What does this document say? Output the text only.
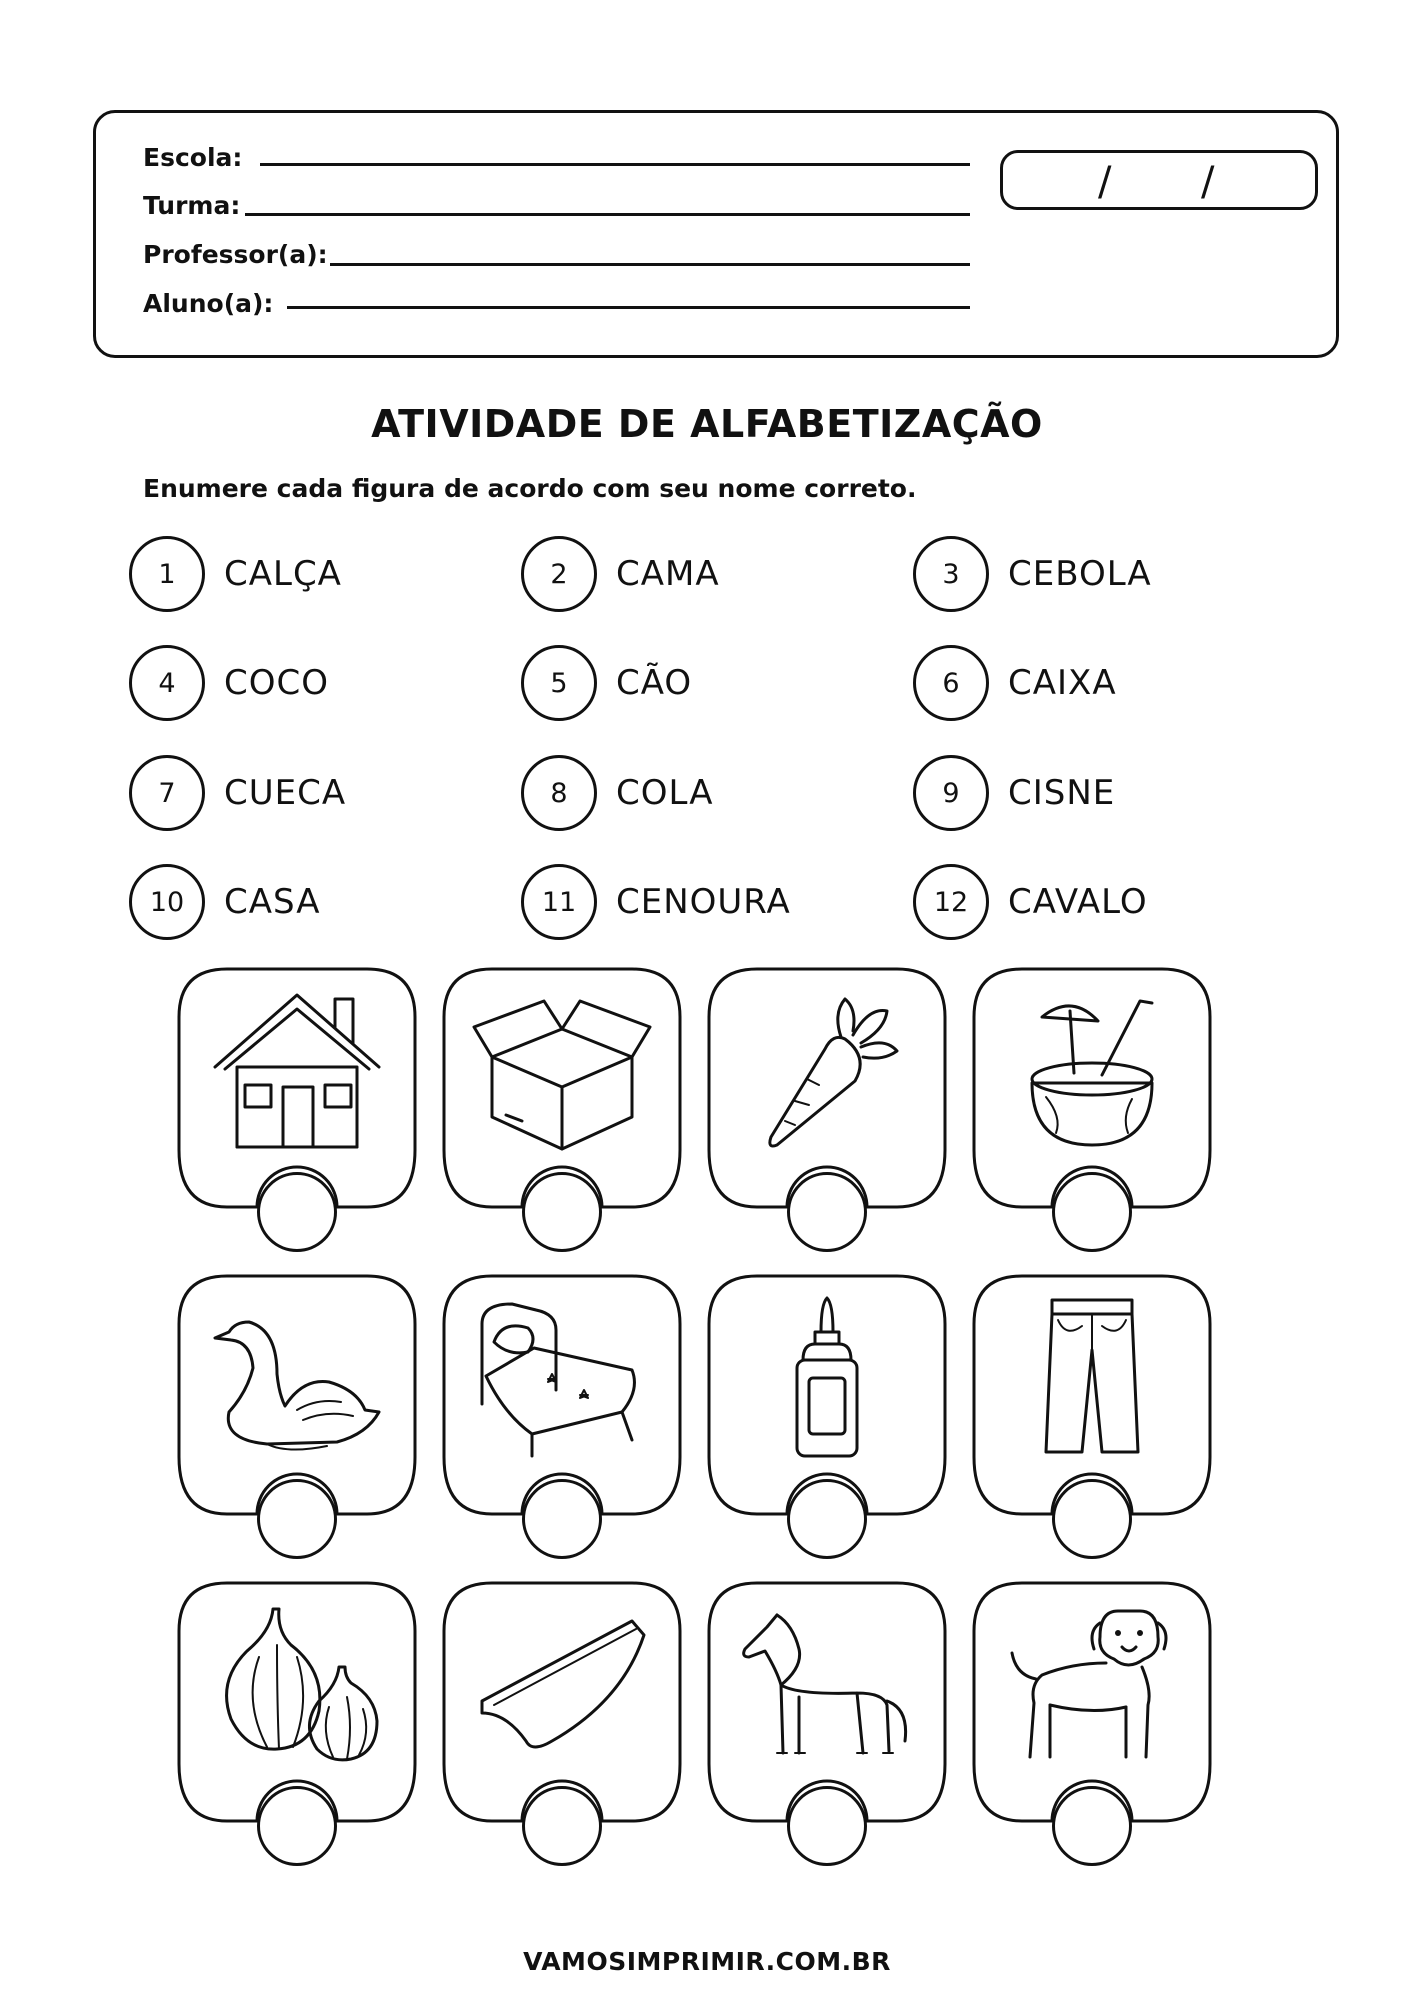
Escola:
Turma:
Professor(a):
Aluno(a):
/ /
ATIVIDADE DE ALFABETIZAÇÃO
Enumere cada figura de acordo com seu nome correto.
1	CALÇA	2	CAMA	3	CEBOLA
4	COCO	5	CÃO	6	CAIXA
7	CUECA	8	COLA	9	CISNE
10	CASA	11	CENOURA	12	CAVALO
VAMOSIMPRIMIR.COM.BR
